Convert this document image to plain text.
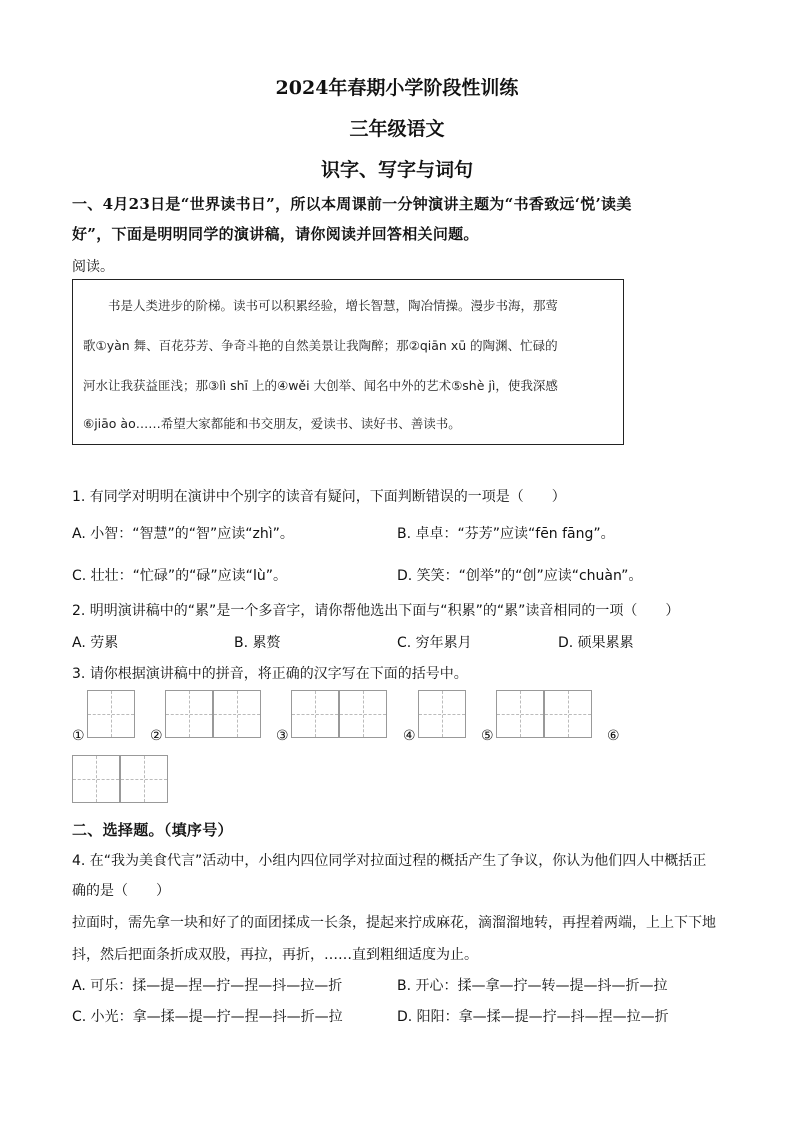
2024年春期小学阶段性训练
三年级语文
识字、写字与词句
一、4月23日是“世界读书日”，所以本周课前一分钟演讲主题为“书香致远‘悦’读美
好”，下面是明明同学的演讲稿，请你阅读并回答相关问题。
阅读。
　　书是人类进步的阶梯。读书可以积累经验，增长智慧，陶冶情操。漫步书海，那莺
歌①yàn 舞、百花芬芳、争奇斗艳的自然美景让我陶醉；那②qiān xū 的陶渊、忙碌的
河水让我获益匪浅；那③lì shī 上的④wěi 大创举、闻名中外的艺术⑤shè jì，使我深感
⑥jiāo ào……希望大家都能和书交朋友，爱读书、读好书、善读书。
1. 有同学对明明在演讲中个别字的读音有疑问，下面判断错误的一项是（　　）
A. 小智：“智慧”的“智”应读“zhì”。	B. 卓卓：“芬芳”应读“fēn fāng”。
C. 壮壮：“忙碌”的“碌”应读“lù”。	D. 笑笑：“创举”的“创”应读“chuàn”。
2. 明明演讲稿中的“累”是一个多音字，请你帮他选出下面与“积累”的“累”读音相同的一项（　　）
A. 劳累	B. 累赘	C. 穷年累月	D. 硕果累累
3. 请你根据演讲稿中的拼音，将正确的汉字写在下面的括号中。
①	②	③	④	⑤	⑥
二、选择题。（填序号）
4. 在“我为美食代言”活动中，小组内四位同学对拉面过程的概括产生了争议，你认为他们四人中概括正
确的是（　　）
拉面时，需先拿一块和好了的面团揉成一长条，提起来拧成麻花，滴溜溜地转，再捏着两端，上上下下地
抖，然后把面条折成双股，再拉，再折，……直到粗细适度为止。
A. 可乐：揉—提—捏—拧—捏—抖—拉—折	B. 开心：揉—拿—拧—转—提—抖—折—拉
C. 小光：拿—揉—提—拧—捏—抖—折—拉	D. 阳阳：拿—揉—提—拧—抖—捏—拉—折
